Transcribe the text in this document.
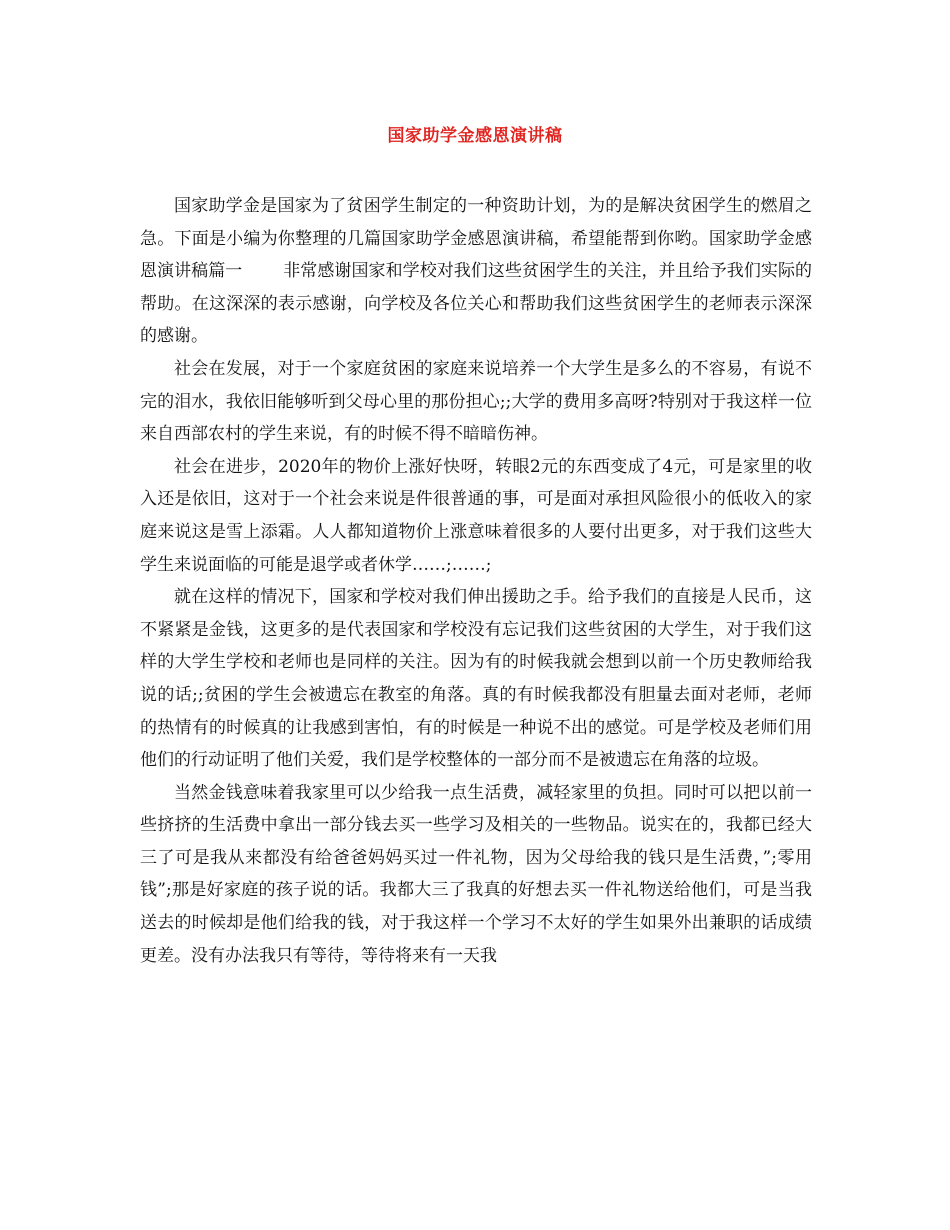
国家助学金感恩演讲稿

国家助学金是国家为了贫困学生制定的一种资助计划，为的是解决贫困学生的燃眉之急。下面是小编为你整理的几篇国家助学金感恩演讲稿，希望能帮到你哟。国家助学金感恩演讲稿篇一 非常感谢国家和学校对我们这些贫困学生的关注，并且给予我们实际的帮助。在这深深的表示感谢，向学校及各位关心和帮助我们这些贫困学生的老师表示深深的感谢。

社会在发展，对于一个家庭贫困的家庭来说培养一个大学生是多么的不容易，有说不完的泪水，我依旧能够听到父母心里的那份担心;;大学的费用多高呀?特别对于我这样一位来自西部农村的学生来说，有的时候不得不暗暗伤神。

社会在进步，2020年的物价上涨好快呀，转眼2元的东西变成了4元，可是家里的收入还是依旧，这对于一个社会来说是件很普通的事，可是面对承担风险很小的低收入的家庭来说这是雪上添霜。人人都知道物价上涨意味着很多的人要付出更多，对于我们这些大学生来说面临的可能是退学或者休学……;……;

就在这样的情况下，国家和学校对我们伸出援助之手。给予我们的直接是人民币，这不紧紧是金钱，这更多的是代表国家和学校没有忘记我们这些贫困的大学生，对于我们这样的大学生学校和老师也是同样的关注。因为有的时候我就会想到以前一个历史教师给我说的话;;贫困的学生会被遗忘在教室的角落。真的有时候我都没有胆量去面对老师，老师的热情有的时候真的让我感到害怕，有的时候是一种说不出的感觉。可是学校及老师们用他们的行动证明了他们关爱，我们是学校整体的一部分而不是被遗忘在角落的垃圾。

当然金钱意味着我家里可以少给我一点生活费，减轻家里的负担。同时可以把以前一些挤挤的生活费中拿出一部分钱去买一些学习及相关的一些物品。说实在的，我都已经大三了可是我从来都没有给爸爸妈妈买过一件礼物，因为父母给我的钱只是生活费，”;零用钱”;那是好家庭的孩子说的话。我都大三了我真的好想去买一件礼物送给他们，可是当我送去的时候却是他们给我的钱，对于我这样一个学习不太好的学生如果外出兼职的话成绩更差。没有办法我只有等待，等待将来有一天我
